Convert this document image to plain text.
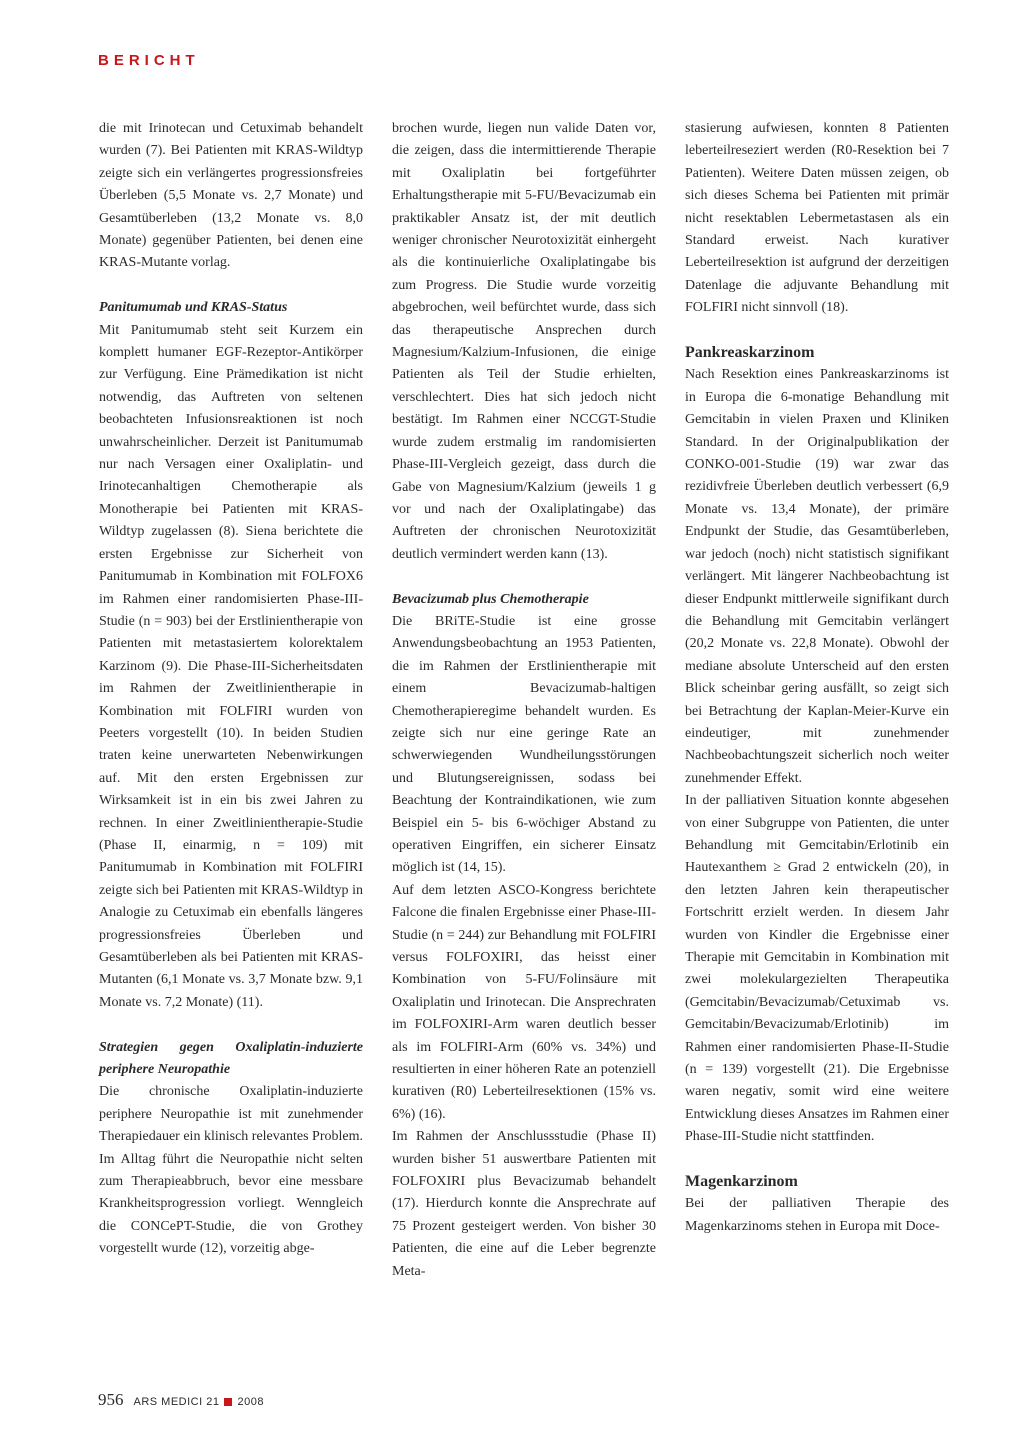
BERICHT

die mit Irinotecan und Cetuximab behandelt wurden (7). Bei Patienten mit KRAS-Wildtyp zeigte sich ein verlängertes progressionsfreies Überleben (5,5 Monate vs. 2,7 Monate) und Gesamtüberleben (13,2 Monate vs. 8,0 Monate) gegenüber Patienten, bei denen eine KRAS-Mutante vorlag.

Panitumumab und KRAS-Status

Mit Panitumumab steht seit Kurzem ein komplett humaner EGF-Rezeptor-Antikörper zur Verfügung. Eine Prämedikation ist nicht notwendig, das Auftreten von seltenen beobachteten Infusionsreaktionen ist noch unwahrscheinlicher. Derzeit ist Panitumumab nur nach Versagen einer Oxaliplatin- und Irinotecanhaltigen Chemotherapie als Monotherapie bei Patienten mit KRAS-Wildtyp zugelassen (8). Siena berichtete die ersten Ergebnisse zur Sicherheit von Panitumumab in Kombination mit FOLFOX6 im Rahmen einer randomisierten Phase-III-Studie (n = 903) bei der Erstlinientherapie von Patienten mit metastasiertem kolorektalem Karzinom (9). Die Phase-III-Sicherheitsdaten im Rahmen der Zweitlinientherapie in Kombination mit FOLFIRI wurden von Peeters vorgestellt (10). In beiden Studien traten keine unerwarteten Nebenwirkungen auf. Mit den ersten Ergebnissen zur Wirksamkeit ist in ein bis zwei Jahren zu rechnen. In einer Zweitlinientherapie-Studie (Phase II, einarmig, n = 109) mit Panitumumab in Kombination mit FOLFIRI zeigte sich bei Patienten mit KRAS-Wildtyp in Analogie zu Cetuximab ein ebenfalls längeres progressionsfreies Überleben und Gesamtüberleben als bei Patienten mit KRAS-Mutanten (6,1 Monate vs. 3,7 Monate bzw. 9,1 Monate vs. 7,2 Monate) (11).

Strategien gegen Oxaliplatin-induzierte periphere Neuropathie

Die chronische Oxaliplatin-induzierte periphere Neuropathie ist mit zunehmender Therapiedauer ein klinisch relevantes Problem. Im Alltag führt die Neuropathie nicht selten zum Therapieabbruch, bevor eine messbare Krankheitsprogression vorliegt. Wenngleich die CONCePT-Studie, die von Grothey vorgestellt wurde (12), vorzeitig abge-

brochen wurde, liegen nun valide Daten vor, die zeigen, dass die intermittierende Therapie mit Oxaliplatin bei fortgeführter Erhaltungstherapie mit 5-FU/Bevacizumab ein praktikabler Ansatz ist, der mit deutlich weniger chronischer Neurotoxizität einhergeht als die kontinuierliche Oxaliplatingabe bis zum Progress. Die Studie wurde vorzeitig abgebrochen, weil befürchtet wurde, dass sich das therapeutische Ansprechen durch Magnesium/Kalzium-Infusionen, die einige Patienten als Teil der Studie erhielten, verschlechtert. Dies hat sich jedoch nicht bestätigt. Im Rahmen einer NCCGT-Studie wurde zudem erstmalig im randomisierten Phase-III-Vergleich gezeigt, dass durch die Gabe von Magnesium/Kalzium (jeweils 1 g vor und nach der Oxaliplatingabe) das Auftreten der chronischen Neurotoxizität deutlich vermindert werden kann (13).

Bevacizumab plus Chemotherapie

Die BRiTE-Studie ist eine grosse Anwendungsbeobachtung an 1953 Patienten, die im Rahmen der Erstlinientherapie mit einem Bevacizumab-haltigen Chemotherapieregime behandelt wurden. Es zeigte sich nur eine geringe Rate an schwerwiegenden Wundheilungsstörungen und Blutungsereignissen, sodass bei Beachtung der Kontraindikationen, wie zum Beispiel ein 5- bis 6-wöchiger Abstand zu operativen Eingriffen, ein sicherer Einsatz möglich ist (14, 15).

Auf dem letzten ASCO-Kongress berichtete Falcone die finalen Ergebnisse einer Phase-III-Studie (n = 244) zur Behandlung mit FOLFIRI versus FOLFOXIRI, das heisst einer Kombination von 5-FU/Folinsäure mit Oxaliplatin und Irinotecan. Die Ansprechraten im FOLFOXIRI-Arm waren deutlich besser als im FOLFIRI-Arm (60% vs. 34%) und resultierten in einer höheren Rate an potenziell kurativen (R0) Leberteilresektionen (15% vs. 6%) (16).

Im Rahmen der Anschlussstudie (Phase II) wurden bisher 51 auswertbare Patienten mit FOLFOXIRI plus Bevacizumab behandelt (17). Hierdurch konnte die Ansprechrate auf 75 Prozent gesteigert werden. Von bisher 30 Patienten, die eine auf die Leber begrenzte Meta-

stasierung aufwiesen, konnten 8 Patienten leberteilreseziert werden (R0-Resektion bei 7 Patienten). Weitere Daten müssen zeigen, ob sich dieses Schema bei Patienten mit primär nicht resektablen Lebermetastasen als ein Standard erweist. Nach kurativer Leberteilresektion ist aufgrund der derzeitigen Datenlage die adjuvante Behandlung mit FOLFIRI nicht sinnvoll (18).

Pankreaskarzinom

Nach Resektion eines Pankreaskarzinoms ist in Europa die 6-monatige Behandlung mit Gemcitabin in vielen Praxen und Kliniken Standard. In der Originalpublikation der CONKO-001-Studie (19) war zwar das rezidivfreie Überleben deutlich verbessert (6,9 Monate vs. 13,4 Monate), der primäre Endpunkt der Studie, das Gesamtüberleben, war jedoch (noch) nicht statistisch signifikant verlängert. Mit längerer Nachbeobachtung ist dieser Endpunkt mittlerweile signifikant durch die Behandlung mit Gemcitabin verlängert (20,2 Monate vs. 22,8 Monate). Obwohl der mediane absolute Unterscheid auf den ersten Blick scheinbar gering ausfällt, so zeigt sich bei Betrachtung der Kaplan-Meier-Kurve ein eindeutiger, mit zunehmender Nachbeobachtungszeit sicherlich noch weiter zunehmender Effekt.

In der palliativen Situation konnte abgesehen von einer Subgruppe von Patienten, die unter Behandlung mit Gemcitabin/Erlotinib ein Hautexanthem ≥ Grad 2 entwickeln (20), in den letzten Jahren kein therapeutischer Fortschritt erzielt werden. In diesem Jahr wurden von Kindler die Ergebnisse einer Therapie mit Gemcitabin in Kombination mit zwei molekulargezielten Therapeutika (Gemcitabin/Bevacizumab/Cetuximab vs. Gemcitabin/Bevacizumab/Erlotinib) im Rahmen einer randomisierten Phase-II-Studie (n = 139) vorgestellt (21). Die Ergebnisse waren negativ, somit wird eine weitere Entwicklung dieses Ansatzes im Rahmen einer Phase-III-Studie nicht stattfinden.

Magenkarzinom

Bei der palliativen Therapie des Magenkarzinoms stehen in Europa mit Doce-

956 ARS MEDICI 21 2008
